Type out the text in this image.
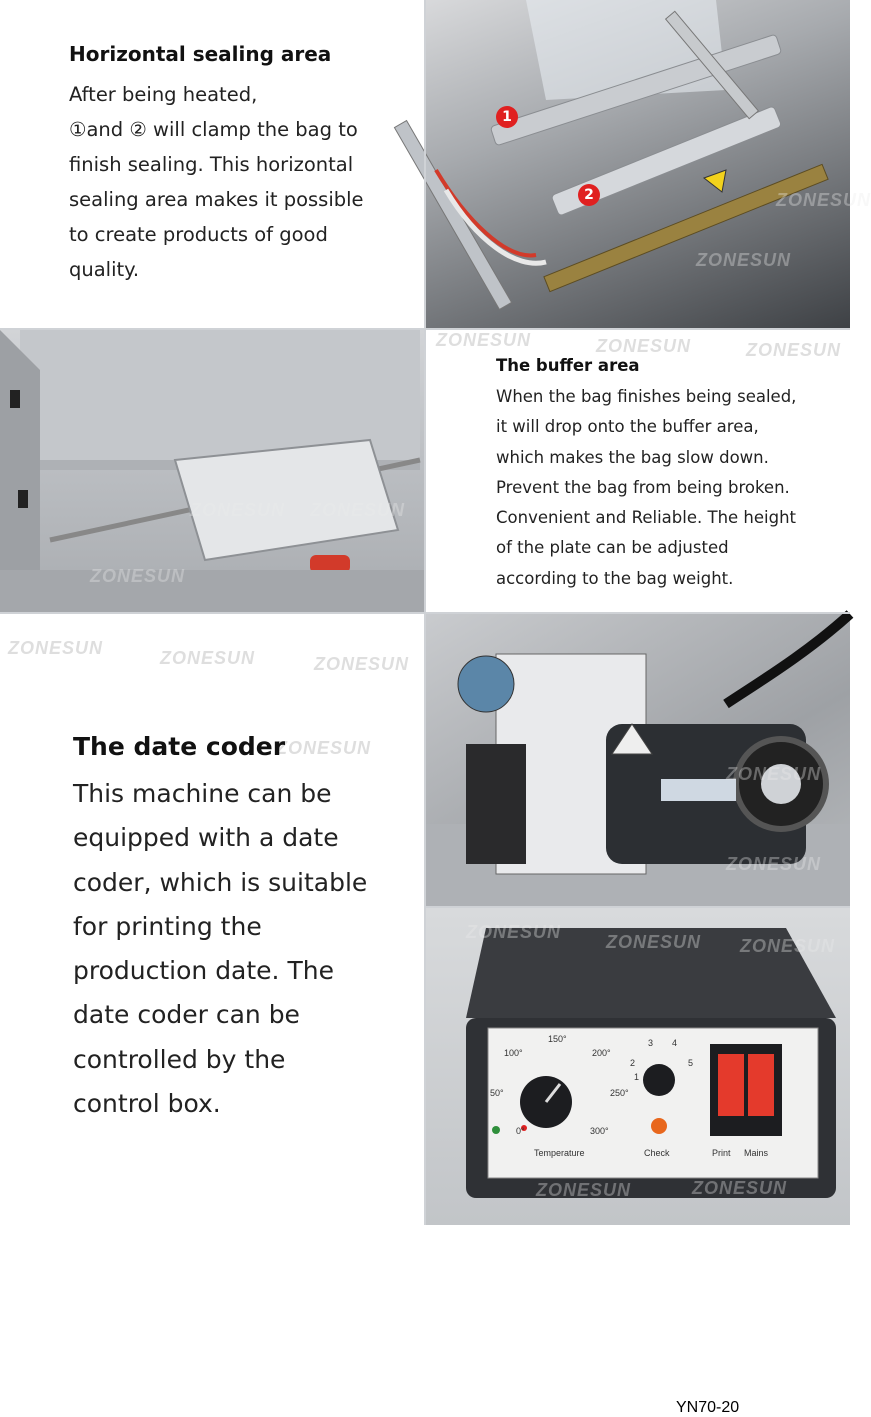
Horizontal sealing area

After being heated,

①and ② will clamp the bag to

finish sealing. This horizontal

sealing area makes it possible

to create products of good

quality.

1
2
ZONESUN
ZONESUN
ZONESUN ZONESUN
ZONESUN
ZONESUN	ZONESUN	ZONESUN
The buffer area

When the bag finishes being sealed,

it will drop onto the buffer area,

which makes the bag slow down.

Prevent the bag from being broken.

Convenient and Reliable. The height

of the plate can be adjusted

according to the bag weight.

ZONESUN	ZONESUN	ZONESUN
ZONESUN
The date coder

This machine can be

equipped with a date

coder, which is suitable

for printing the

production date. The

date coder can be

controlled by the

control box.

YN70-20
ZONESUN
ZONESUN
100°
150°
200°
250°
300°
50°
0°
1
2
3 4
5
Temperature	Check	Print Mains
ZONESUN ZONESUN ZONESUN
ZONESUN	ZONESUN
